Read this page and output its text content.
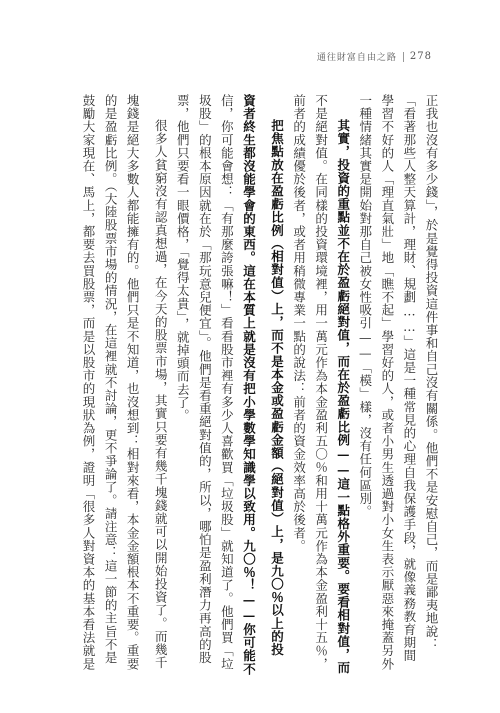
通往財富自由之路 278
正我也沒有多少錢」，於是覺得投資這件事和自己沒有關係。他們不是安慰自己，而是鄙夷地說：
「看著那些人整天算計，理財、規劃……」這是一種常見的心理自我保護手段，就像義務教育期間
學習不好的人「理直氣壯」地「瞧不起」學習好的人，或者小男生透過對小女生表示厭惡來掩蓋另外
一種情緒其實是開始對那自己被女性吸引——「模」樣，沒有任何區別。
其實，投資的重點並不在於盈虧絕對值，而在於盈虧比例——這一點格外重要。要看相對值，而
不是絕對值。在同樣的投資環境裡，用一萬元作為本金盈利五〇％和用十萬元作為本金盈利十五％，
前者的成績優於後者，或者用稍微專業一點的說法：前者的資金效率高於後者。
把焦點放在盈虧比例（相對值）上，而不是本金或盈虧金額（絕對值）上，是九〇％以上的投
資者終生都沒能學會的東西。這在本質上就是沒有把小學數學知識學以致用。九〇％！——你可能不
信，你可能會想：「有那麼誇張嘛！」看看股市裡有多少人喜歡買「垃圾股」就知道了。他們買「垃
圾股」的根本原因就在於「那玩意兒便宜」。他們是看重絕對值的，所以，哪怕是盈利潛力再高的股
票，他們只要看一眼價格，「覺得太貴」，就掉頭而去了。
很多人貧窮沒有認真想過，在今天的股票市場，其實只要有幾千塊錢就可以開始投資了。而幾千
塊錢是絕大多數人都能擁有的。他們只是不知道，也沒想到：相對來看，本金金額根本不重要。重要
的是盈虧比例。（大陸股票市場的情況，在這裡就不討論，更不爭論了。請注意：這一節的主旨不是
鼓勵大家現在、馬上，都要去買股票，而是以股市的現狀為例，證明「很多人對資本的基本看法就是
